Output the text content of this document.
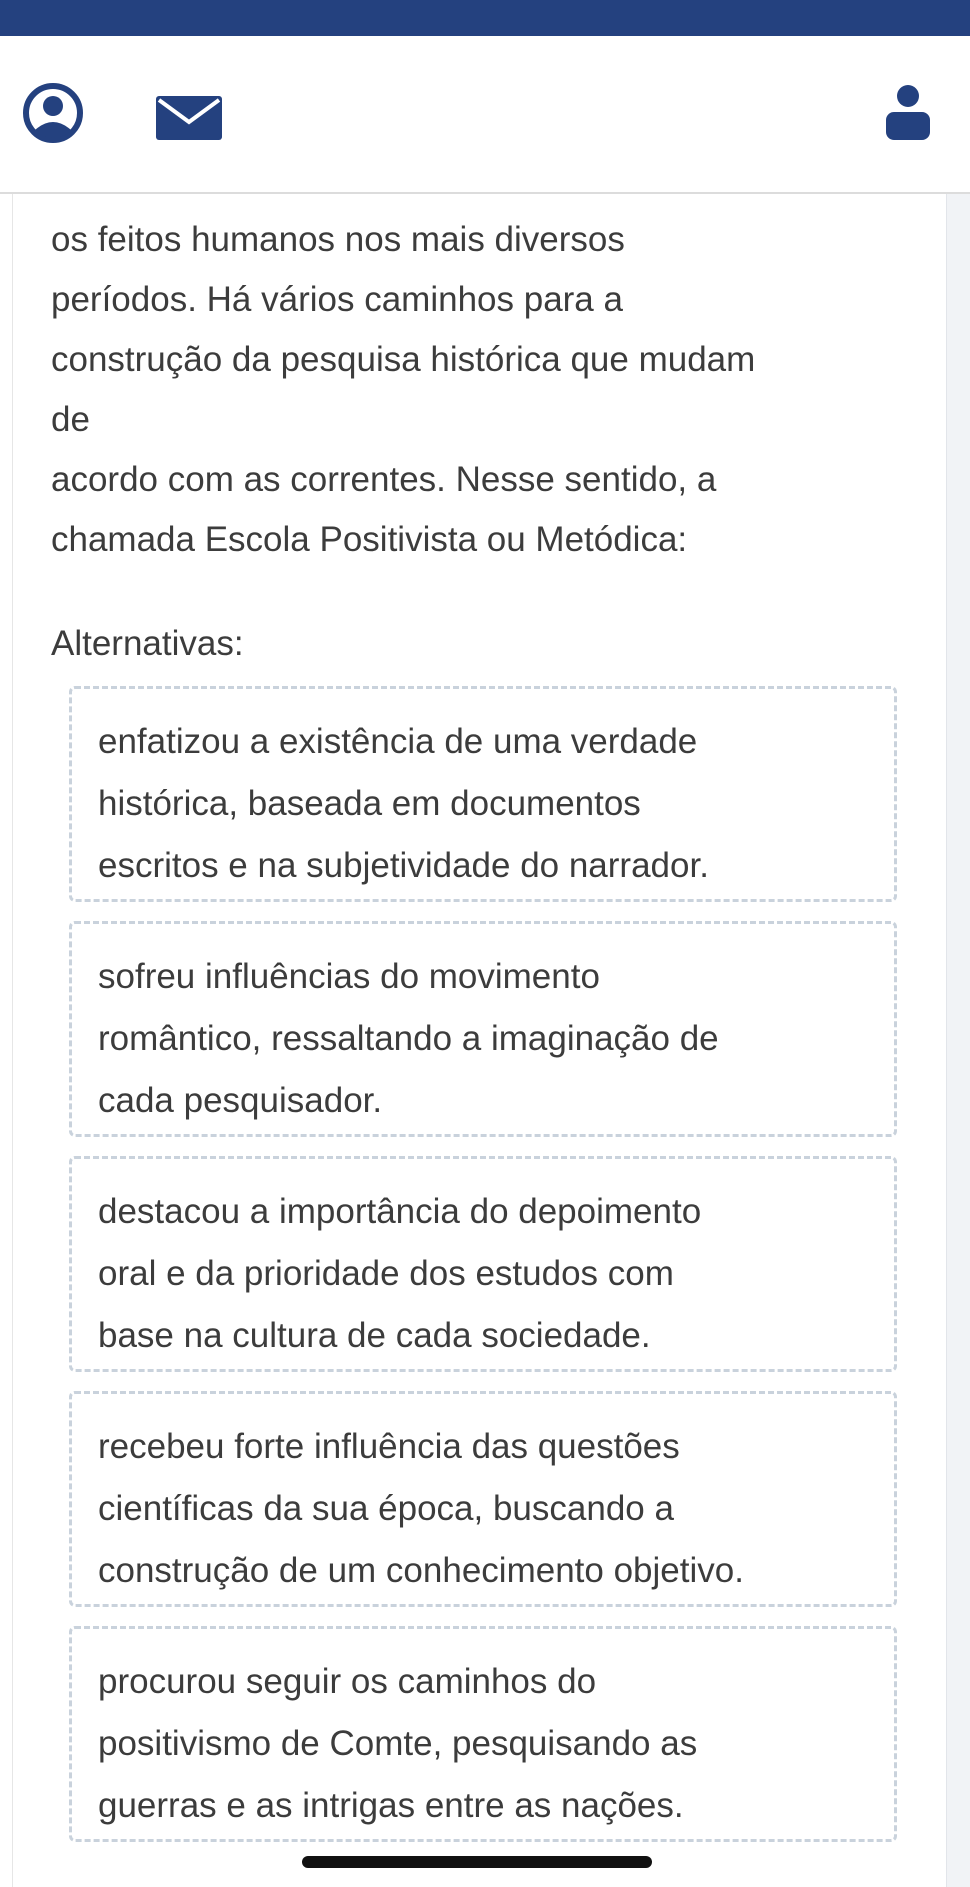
os feitos humanos nos mais diversos
períodos. Há vários caminhos para a
construção da pesquisa histórica que mudam
de
acordo com as correntes. Nesse sentido, a
chamada Escola Positivista ou Metódica:
Alternativas:
enfatizou a existência de uma verdade
histórica, baseada em documentos
escritos e na subjetividade do narrador.
sofreu influências do movimento
romântico, ressaltando a imaginação de
cada pesquisador.
destacou a importância do depoimento
oral e da prioridade dos estudos com
base na cultura de cada sociedade.
recebeu forte influência das questões
científicas da sua época, buscando a
construção de um conhecimento objetivo.
procurou seguir os caminhos do
positivismo de Comte, pesquisando as
guerras e as intrigas entre as nações.
